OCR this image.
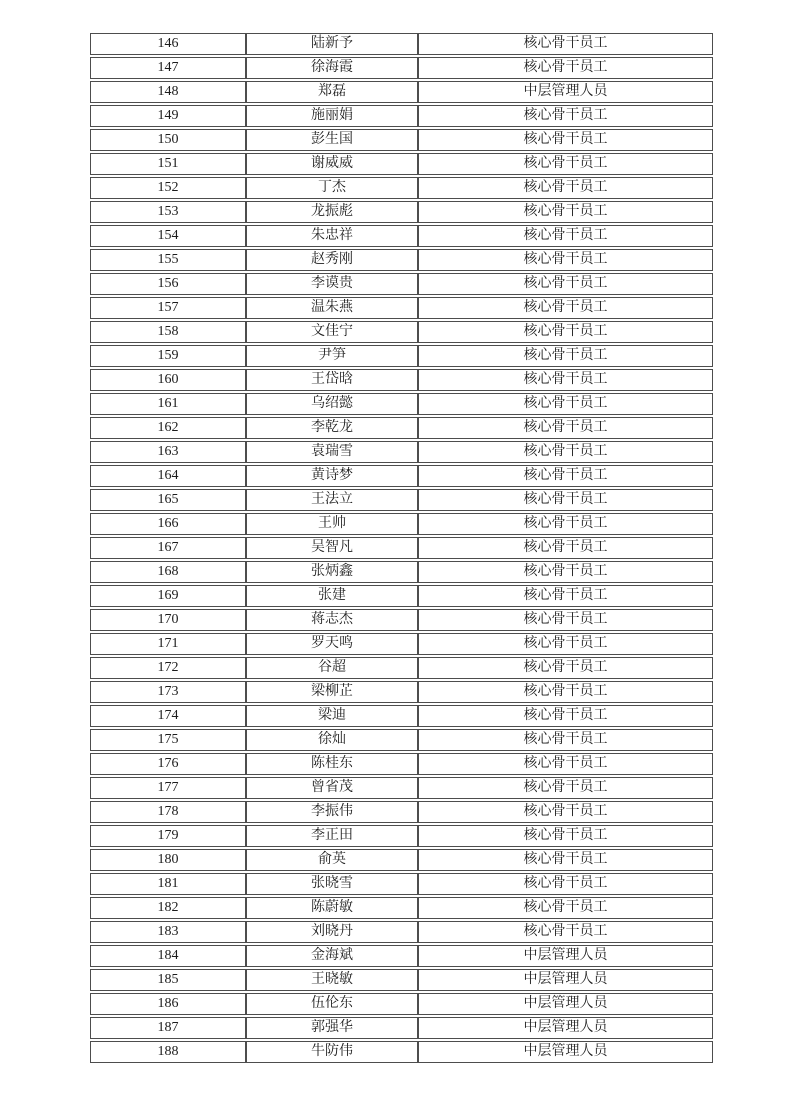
146	陆新予	核心骨干员工
147	徐海霞	核心骨干员工
148	郑磊	中层管理人员
149	施丽娟	核心骨干员工
150	彭生国	核心骨干员工
151	谢威威	核心骨干员工
152	丁杰	核心骨干员工
153	龙振彪	核心骨干员工
154	朱忠祥	核心骨干员工
155	赵秀刚	核心骨干员工
156	李谟贵	核心骨干员工
157	温朱燕	核心骨干员工
158	文佳宁	核心骨干员工
159	尹笋	核心骨干员工
160	王岱晗	核心骨干员工
161	乌绍懿	核心骨干员工
162	李乾龙	核心骨干员工
163	袁瑞雪	核心骨干员工
164	黄诗梦	核心骨干员工
165	王法立	核心骨干员工
166	王帅	核心骨干员工
167	吴智凡	核心骨干员工
168	张炳鑫	核心骨干员工
169	张建	核心骨干员工
170	蒋志杰	核心骨干员工
171	罗天鸣	核心骨干员工
172	谷超	核心骨干员工
173	梁柳芷	核心骨干员工
174	梁迪	核心骨干员工
175	徐灿	核心骨干员工
176	陈桂东	核心骨干员工
177	曾省茂	核心骨干员工
178	李振伟	核心骨干员工
179	李正田	核心骨干员工
180	俞英	核心骨干员工
181	张晓雪	核心骨干员工
182	陈蔚敏	核心骨干员工
183	刘晓丹	核心骨干员工
184	金海斌	中层管理人员
185	王晓敏	中层管理人员
186	伍伦东	中层管理人员
187	郭强华	中层管理人员
188	牛防伟	中层管理人员
